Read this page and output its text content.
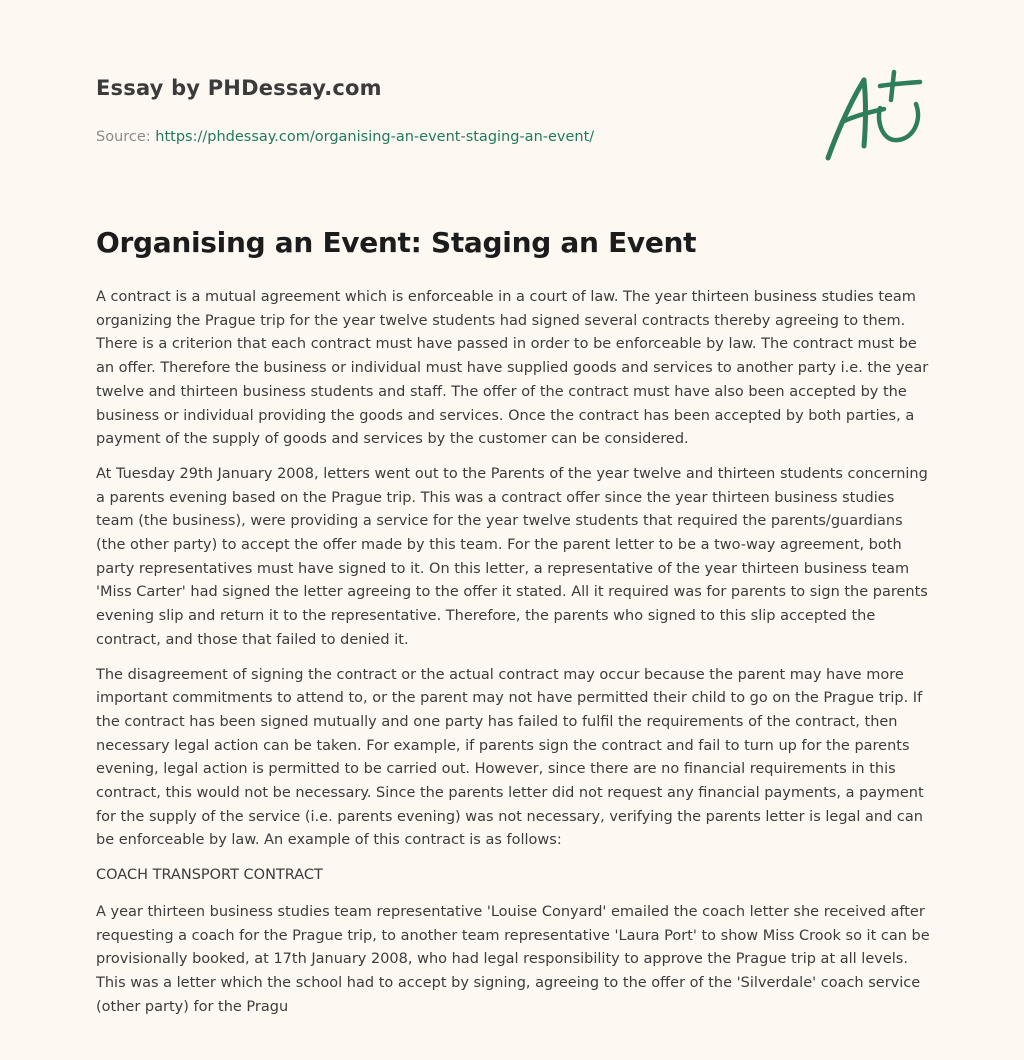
Essay by PHDessay.com
Source: https://phdessay.com/organising-an-event-staging-an-event/
Organising an Event: Staging an Event

A contract is a mutual agreement which is enforceable in a court of law. The year thirteen business studies team organizing the Prague trip for the year twelve students had signed several contracts thereby agreeing to them. There is a criterion that each contract must have passed in order to be enforceable by law. The contract must be an offer. Therefore the business or individual must have supplied goods and services to another party i.e. the year twelve and thirteen business students and staff. The offer of the contract must have also been accepted by the business or individual providing the goods and services. Once the contract has been accepted by both parties, a payment of the supply of goods and services by the customer can be considered.

At Tuesday 29th January 2008, letters went out to the Parents of the year twelve and thirteen students concerning a parents evening based on the Prague trip. This was a contract offer since the year thirteen business studies team (the business), were providing a service for the year twelve students that required the parents/guardians (the other party) to accept the offer made by this team. For the parent letter to be a two-way agreement, both party representatives must have signed to it. On this letter, a representative of the year thirteen business team 'Miss Carter' had signed the letter agreeing to the offer it stated. All it required was for parents to sign the parents evening slip and return it to the representative. Therefore, the parents who signed to this slip accepted the contract, and those that failed to denied it.

The disagreement of signing the contract or the actual contract may occur because the parent may have more important commitments to attend to, or the parent may not have permitted their child to go on the Prague trip. If the contract has been signed mutually and one party has failed to fulfil the requirements of the contract, then necessary legal action can be taken. For example, if parents sign the contract and fail to turn up for the parents evening, legal action is permitted to be carried out. However, since there are no financial requirements in this contract, this would not be necessary. Since the parents letter did not request any financial payments, a payment for the supply of the service (i.e. parents evening) was not necessary, verifying the parents letter is legal and can be enforceable by law. An example of this contract is as follows:

COACH TRANSPORT CONTRACT

A year thirteen business studies team representative 'Louise Conyard' emailed the coach letter she received after requesting a coach for the Prague trip, to another team representative 'Laura Port' to show Miss Crook so it can be provisionally booked, at 17th January 2008, who had legal responsibility to approve the Prague trip at all levels. This was a letter which the school had to accept by signing, agreeing to the offer of the 'Silverdale' coach service (other party) for the Pragu
